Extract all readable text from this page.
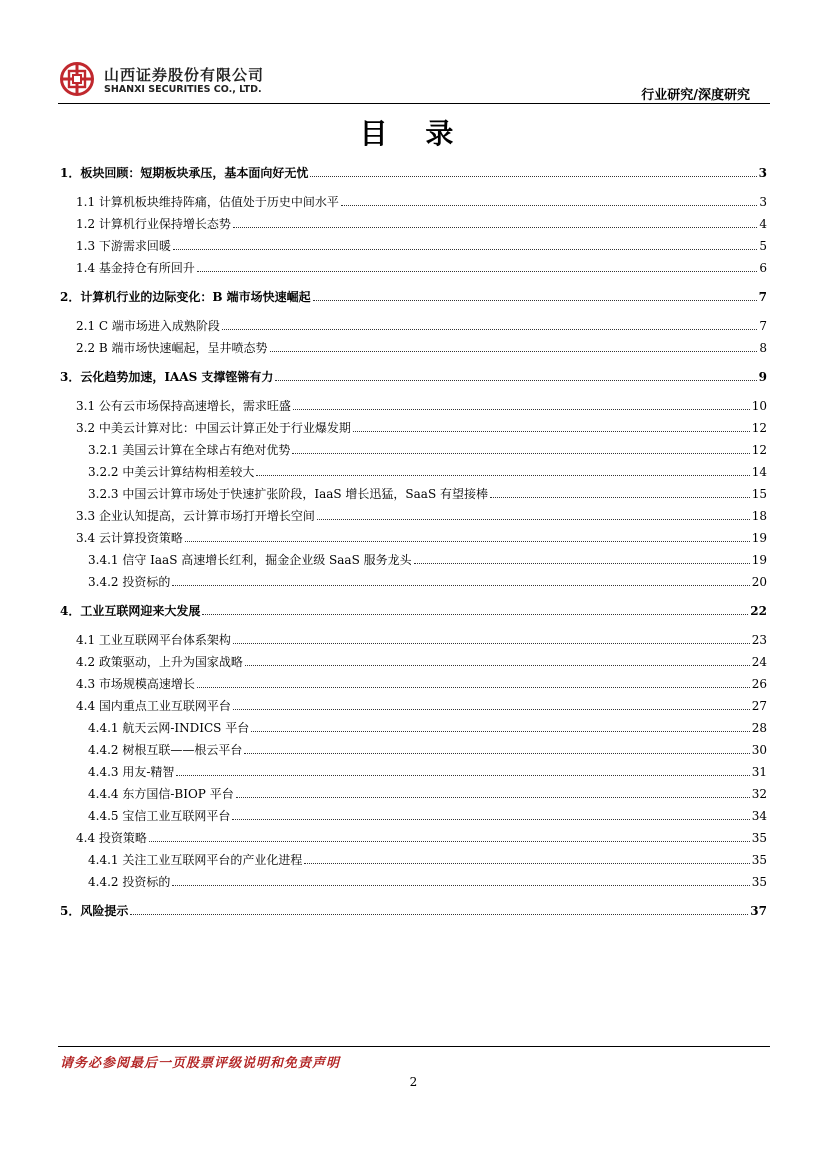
山西证券股份有限公司
SHANXI SECURITIES CO., LTD.	行业研究/深度研究
目 录
1．板块回顾：短期板块承压，基本面向好无忧	3
1.1 计算机板块维持阵痛，估值处于历史中间水平	3
1.2 计算机行业保持增长态势	4
1.3 下游需求回暖	5
1.4 基金持仓有所回升	6
2．计算机行业的边际变化：B 端市场快速崛起	7
2.1 C 端市场进入成熟阶段	7
2.2 B 端市场快速崛起，呈井喷态势	8
3．云化趋势加速，IAAS 支撑铿锵有力	9
3.1 公有云市场保持高速增长，需求旺盛	10
3.2 中美云计算对比：中国云计算正处于行业爆发期	12
3.2.1 美国云计算在全球占有绝对优势	12
3.2.2 中美云计算结构相差较大	14
3.2.3 中国云计算市场处于快速扩张阶段，IaaS 增长迅猛，SaaS 有望接棒	15
3.3 企业认知提高，云计算市场打开增长空间	18
3.4 云计算投资策略	19
3.4.1 信守 IaaS 高速增长红利，掘金企业级 SaaS 服务龙头	19
3.4.2 投资标的	20
4．工业互联网迎来大发展	22
4.1 工业互联网平台体系架构	23
4.2 政策驱动，上升为国家战略	24
4.3 市场规模高速增长	26
4.4 国内重点工业互联网平台	27
4.4.1 航天云网-INDICS 平台	28
4.4.2 树根互联——根云平台	30
4.4.3 用友-精智	31
4.4.4 东方国信-BIOP 平台	32
4.4.5 宝信工业互联网平台	34
4.4 投资策略	35
4.4.1 关注工业互联网平台的产业化进程	35
4.4.2 投资标的	35
5．风险提示	37
请务必参阅最后一页股票评级说明和免责声明
2
